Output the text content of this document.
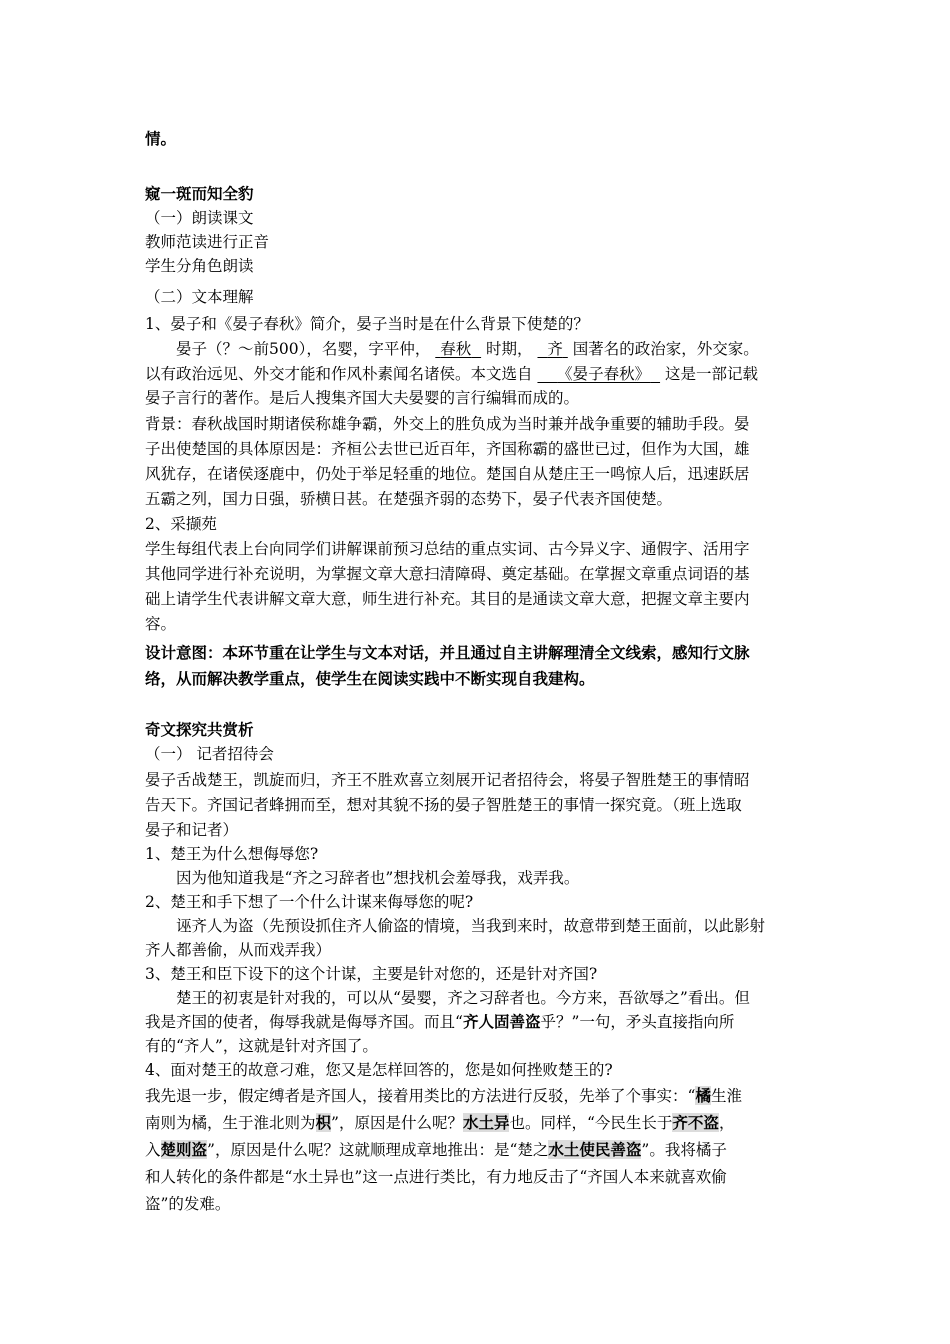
情。
窥一斑而知全豹
（一）朗读课文
教师范读进行正音
学生分角色朗读
（二）文本理解
1、晏子和《晏子春秋》简介，晏子当时是在什么背景下使楚的？
晏子（？～前500），名婴，字平仲， 春秋 时期， 齐 国著名的政治家，外交家。
以有政治远见、外交才能和作风朴素闻名诸侯。本文选自 《晏子春秋》 这是一部记载
晏子言行的著作。是后人搜集齐国大夫晏婴的言行编辑而成的。
背景：春秋战国时期诸侯称雄争霸，外交上的胜负成为当时兼并战争重要的辅助手段。晏
子出使楚国的具体原因是：齐桓公去世已近百年，齐国称霸的盛世已过，但作为大国，雄
风犹存，在诸侯逐鹿中，仍处于举足轻重的地位。楚国自从楚庄王一鸣惊人后，迅速跃居
五霸之列，国力日强，骄横日甚。在楚强齐弱的态势下，晏子代表齐国使楚。
2、采撷苑
学生每组代表上台向同学们讲解课前预习总结的重点实词、古今异义字、通假字、活用字
其他同学进行补充说明，为掌握文章大意扫清障碍、奠定基础。在掌握文章重点词语的基
础上请学生代表讲解文章大意，师生进行补充。其目的是通读文章大意，把握文章主要内
容。
设计意图：本环节重在让学生与文本对话，并且通过自主讲解理清全文线索，感知行文脉
络，从而解决教学重点，使学生在阅读实践中不断实现自我建构。
奇文探究共赏析
（一） 记者招待会
晏子舌战楚王，凯旋而归，齐王不胜欢喜立刻展开记者招待会，将晏子智胜楚王的事情昭
告天下。齐国记者蜂拥而至，想对其貌不扬的晏子智胜楚王的事情一探究竟。（班上选取
晏子和记者）
1、楚王为什么想侮辱您?
因为他知道我是“齐之习辞者也”想找机会羞辱我，戏弄我。
2、楚王和手下想了一个什么计谋来侮辱您的呢?
诬齐人为盗（先预设抓住齐人偷盗的情境，当我到来时，故意带到楚王面前，以此影射
齐人都善偷，从而戏弄我）
3、楚王和臣下设下的这个计谋，主要是针对您的，还是针对齐国?
楚王的初衷是针对我的，可以从“晏婴，齐之习辞者也。今方来，吾欲辱之”看出。但
我是齐国的使者，侮辱我就是侮辱齐国。而且“齐人固善盗乎？”一句，矛头直接指向所
有的“齐人”，这就是针对齐国了。
4、面对楚王的故意刁难，您又是怎样回答的，您是如何挫败楚王的?
我先退一步，假定缚者是齐国人，接着用类比的方法进行反驳，先举了个事实：“橘生淮
南则为橘，生于淮北则为枳”，原因是什么呢？水土异也。同样，“今民生长于齐不盗，
入楚则盗”，原因是什么呢？这就顺理成章地推出：是“楚之水土使民善盗”。我将橘子
和人转化的条件都是“水土异也”这一点进行类比，有力地反击了“齐国人本来就喜欢偷
盗”的发难。
